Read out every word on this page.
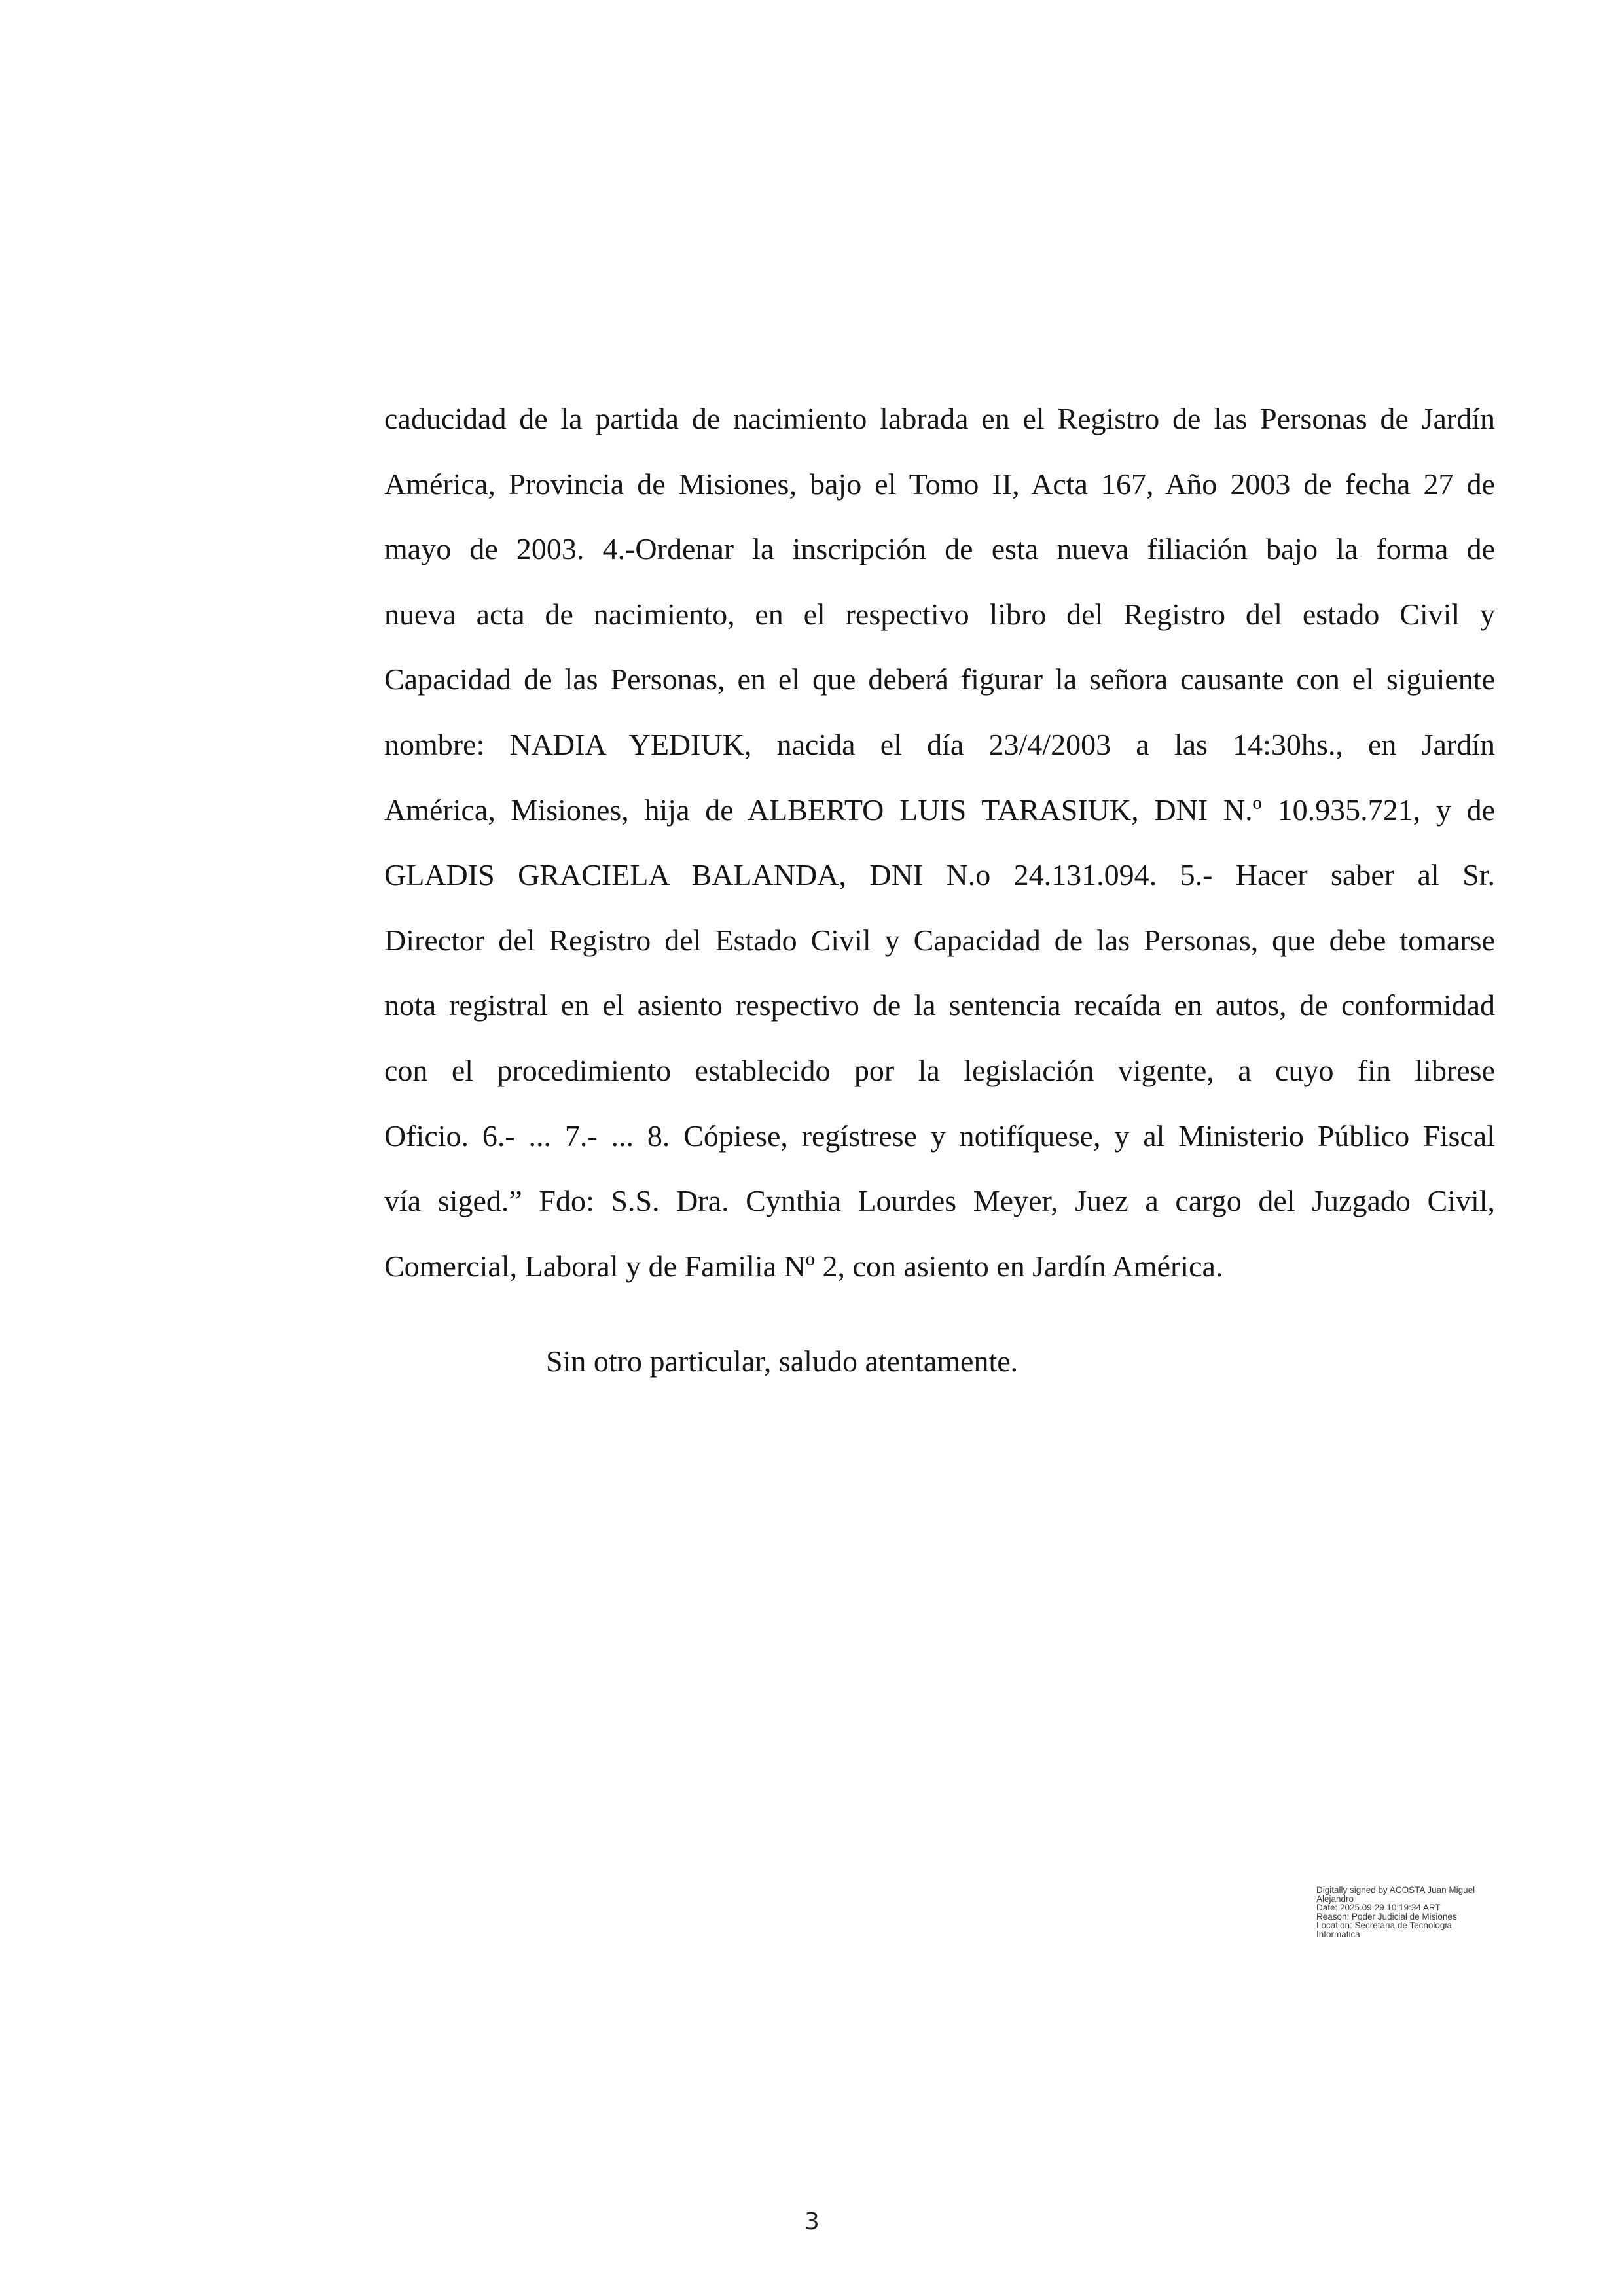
caducidad de la partida de nacimiento labrada en el Registro de las Personas de Jardín
América, Provincia de Misiones, bajo el Tomo II, Acta 167, Año 2003 de fecha 27 de
mayo de 2003. 4.-Ordenar la inscripción de esta nueva filiación bajo la forma de
nueva acta de nacimiento, en el respectivo libro del Registro del estado Civil y
Capacidad de las Personas, en el que deberá figurar la señora causante con el siguiente
nombre: NADIA YEDIUK, nacida el día 23/4/2003 a las 14:30hs., en Jardín
América, Misiones, hija de ALBERTO LUIS TARASIUK, DNI N.º 10.935.721, y de
GLADIS GRACIELA BALANDA, DNI N.o 24.131.094. 5.- Hacer saber al Sr.
Director del Registro del Estado Civil y Capacidad de las Personas, que debe tomarse
nota registral en el asiento respectivo de la sentencia recaída en autos, de conformidad
con el procedimiento establecido por la legislación vigente, a cuyo fin librese
Oficio. 6.- ... 7.- ... 8. Cópiese, regístrese y notifíquese, y al Ministerio Público Fiscal
vía siged.” Fdo: S.S. Dra. Cynthia Lourdes Meyer, Juez a cargo del Juzgado Civil,
Comercial, Laboral y de Familia Nº 2, con asiento en Jardín América.
Sin otro particular, saludo atentamente.
Digitally signed by ACOSTA Juan Miguel
Alejandro
Date: 2025.09.29 10:19:34 ART
Reason: Poder Judicial de Misiones
Location: Secretaria de Tecnologia
Informatica
3
